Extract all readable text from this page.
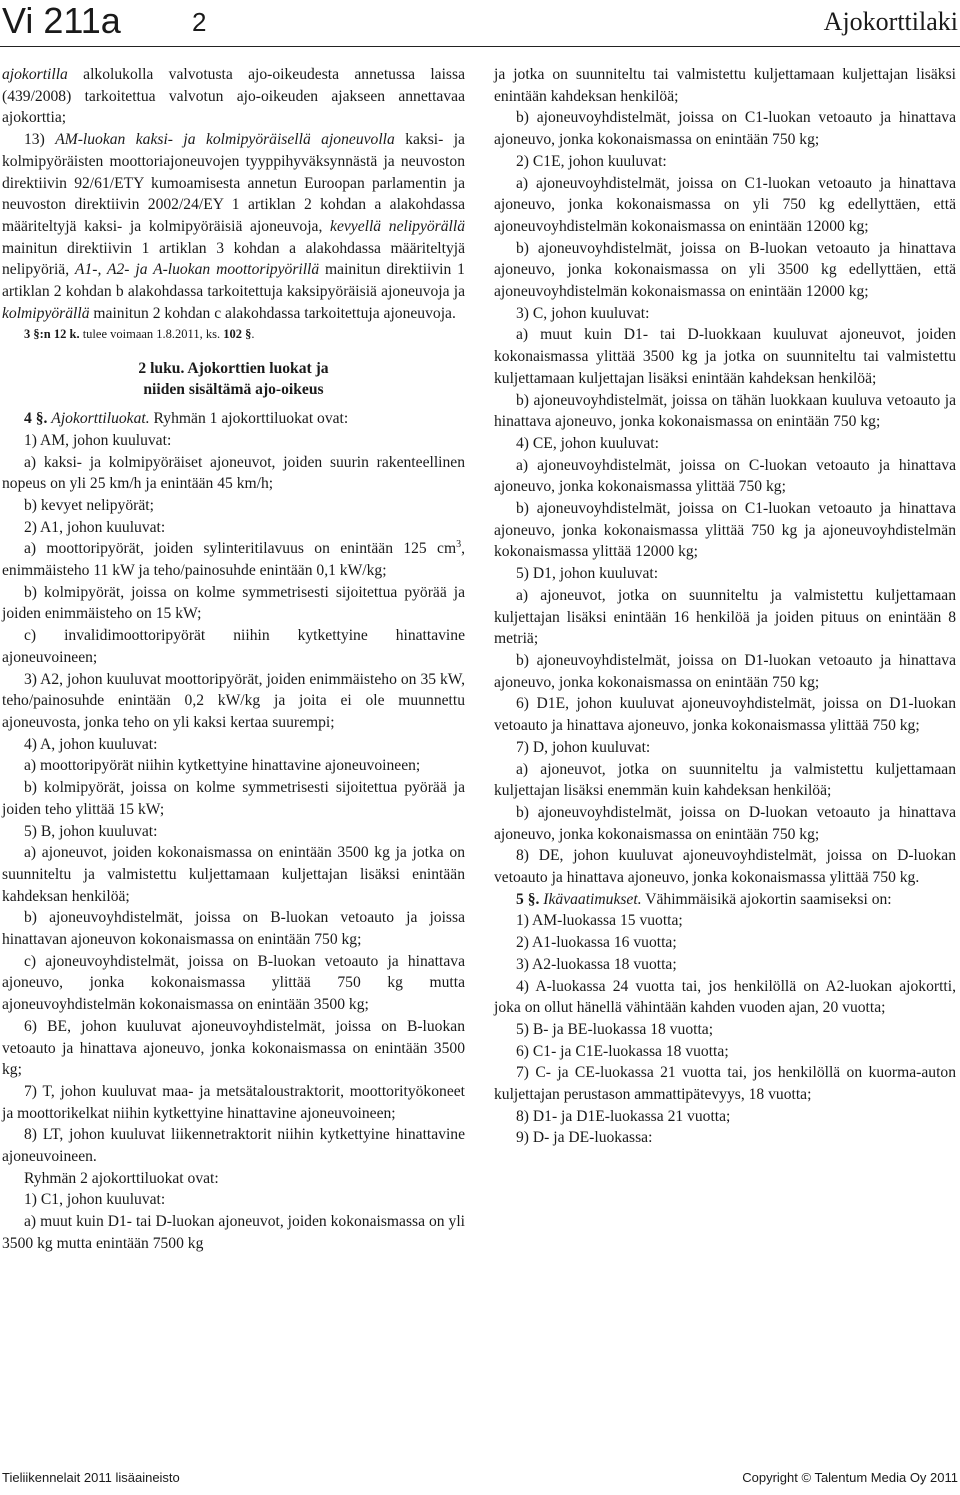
Vi 211a	2	Ajokorttilaki

ajokortilla alkolukolla valvotusta ajo-oikeudesta annetussa laissa (439/2008) tarkoitettua valvotun ajo-oikeuden ajakseen annettavaa ajokorttia;

13) AM-luokan kaksi- ja kolmipyöräisellä ajoneuvolla kaksi- ja kolmipyöräisten moottoriajoneuvojen tyyppihyväksynnästä ja neuvoston direktiivin 92/61/ETY kumoamisesta annetun Euroopan parlamentin ja neuvoston direktiivin 2002/24/EY 1 artiklan 2 kohdan a alakohdassa määriteltyjä kaksi- ja kolmipyöräisiä ajoneuvoja, kevyellä nelipyörällä mainitun direktiivin 1 artiklan 3 kohdan a alakohdassa määriteltyjä nelipyöriä, A1-, A2- ja A-luokan moottoripyörillä mainitun direktiivin 1 artiklan 2 kohdan b alakohdassa tarkoitettuja kaksipyöräisiä ajoneuvoja ja kolmipyörällä mainitun 2 kohdan c alakohdassa tarkoitettuja ajoneuvoja.

3 §:n 12 k. tulee voimaan 1.8.2011, ks. 102 §.

2 luku. Ajokorttien luokat ja
niiden sisältämä ajo-oikeus

4 §. Ajokorttiluokat. Ryhmän 1 ajokorttiluokat ovat:

1) AM, johon kuuluvat:

a) kaksi- ja kolmipyöräiset ajoneuvot, joiden suurin rakenteellinen nopeus on yli 25 km/h ja enintään 45 km/h;

b) kevyet nelipyörät;

2) A1, johon kuuluvat:

a) moottoripyörät, joiden sylinteritilavuus on enintään 125 $cm^3$, enimmäisteho 11 kW ja teho/painosuhde enintään 0,1 kW/kg;

b) kolmipyörät, joissa on kolme symmetrisesti sijoitettua pyörää ja joiden enimmäisteho on 15 kW;

c) invalidimoottoripyörät niihin kytkettyine hinattavine ajoneuvoineen;

3) A2, johon kuuluvat moottoripyörät, joiden enimmäisteho on 35 kW, teho/painosuhde enintään 0,2 kW/kg ja joita ei ole muunnettu ajoneuvosta, jonka teho on yli kaksi kertaa suurempi;

4) A, johon kuuluvat:

a) moottoripyörät niihin kytkettyine hinattavine ajoneuvoineen;

b) kolmipyörät, joissa on kolme symmetrisesti sijoitettua pyörää ja joiden teho ylittää 15 kW;

5) B, johon kuuluvat:

a) ajoneuvot, joiden kokonaismassa on enintään 3500 kg ja jotka on suunniteltu ja valmistettu kuljettamaan kuljettajan lisäksi enintään kahdeksan henkilöä;

b) ajoneuvoyhdistelmät, joissa on B-luokan vetoauto ja joissa hinattavan ajoneuvon kokonaismassa on enintään 750 kg;

c) ajoneuvoyhdistelmät, joissa on B-luokan vetoauto ja hinattava ajoneuvo, jonka kokonaismassa ylittää 750 kg mutta ajoneuvoyhdistelmän kokonaismassa on enintään 3500 kg;

6) BE, johon kuuluvat ajoneuvoyhdistelmät, joissa on B-luokan vetoauto ja hinattava ajoneuvo, jonka kokonaismassa on enintään 3500 kg;

7) T, johon kuuluvat maa- ja metsätaloustraktorit, moottorityökoneet ja moottorikelkat niihin kytkettyine hinattavine ajoneuvoineen;

8) LT, johon kuuluvat liikennetraktorit niihin kytkettyine hinattavine ajoneuvoineen.

Ryhmän 2 ajokorttiluokat ovat:

1) C1, johon kuuluvat:

a) muut kuin D1- tai D-luokan ajoneuvot, joiden kokonaismassa on yli 3500 kg mutta enintään 7500 kg

ja jotka on suunniteltu tai valmistettu kuljettamaan kuljettajan lisäksi enintään kahdeksan henkilöä;

b) ajoneuvoyhdistelmät, joissa on C1-luokan vetoauto ja hinattava ajoneuvo, jonka kokonaismassa on enintään 750 kg;

2) C1E, johon kuuluvat:

a) ajoneuvoyhdistelmät, joissa on C1-luokan vetoauto ja hinattava ajoneuvo, jonka kokonaismassa on yli 750 kg edellyttäen, että ajoneuvoyhdistelmän kokonaismassa on enintään 12000 kg;

b) ajoneuvoyhdistelmät, joissa on B-luokan vetoauto ja hinattava ajoneuvo, jonka kokonaismassa on yli 3500 kg edellyttäen, että ajoneuvoyhdistelmän kokonaismassa on enintään 12000 kg;

3) C, johon kuuluvat:

a) muut kuin D1- tai D-luokkaan kuuluvat ajoneuvot, joiden kokonaismassa ylittää 3500 kg ja jotka on suunniteltu tai valmistettu kuljettamaan kuljettajan lisäksi enintään kahdeksan henkilöä;

b) ajoneuvoyhdistelmät, joissa on tähän luokkaan kuuluva vetoauto ja hinattava ajoneuvo, jonka kokonaismassa on enintään 750 kg;

4) CE, johon kuuluvat:

a) ajoneuvoyhdistelmät, joissa on C-luokan vetoauto ja hinattava ajoneuvo, jonka kokonaismassa ylittää 750 kg;

b) ajoneuvoyhdistelmät, joissa on C1-luokan vetoauto ja hinattava ajoneuvo, jonka kokonaismassa ylittää 750 kg ja ajoneuvoyhdistelmän kokonaismassa ylittää 12000 kg;

5) D1, johon kuuluvat:

a) ajoneuvot, jotka on suunniteltu ja valmistettu kuljettamaan kuljettajan lisäksi enintään 16 henkilöä ja joiden pituus on enintään 8 metriä;

b) ajoneuvoyhdistelmät, joissa on D1-luokan vetoauto ja hinattava ajoneuvo, jonka kokonaismassa on enintään 750 kg;

6) D1E, johon kuuluvat ajoneuvoyhdistelmät, joissa on D1-luokan vetoauto ja hinattava ajoneuvo, jonka kokonaismassa ylittää 750 kg;

7) D, johon kuuluvat:

a) ajoneuvot, jotka on suunniteltu ja valmistettu kuljettamaan kuljettajan lisäksi enemmän kuin kahdeksan henkilöä;

b) ajoneuvoyhdistelmät, joissa on D-luokan vetoauto ja hinattava ajoneuvo, jonka kokonaismassa on enintään 750 kg;

8) DE, johon kuuluvat ajoneuvoyhdistelmät, joissa on D-luokan vetoauto ja hinattava ajoneuvo, jonka kokonaismassa ylittää 750 kg.

5 §. Ikävaatimukset. Vähimmäisikä ajokortin saamiseksi on:

1) AM-luokassa 15 vuotta;

2) A1-luokassa 16 vuotta;

3) A2-luokassa 18 vuotta;

4) A-luokassa 24 vuotta tai, jos henkilöllä on A2-luokan ajokortti, joka on ollut hänellä vähintään kahden vuoden ajan, 20 vuotta;

5) B- ja BE-luokassa 18 vuotta;

6) C1- ja C1E-luokassa 18 vuotta;

7) C- ja CE-luokassa 21 vuotta tai, jos henkilöllä on kuorma-auton kuljettajan perustason ammattipätevyys, 18 vuotta;

8) D1- ja D1E-luokassa 21 vuotta;

9) D- ja DE-luokassa:

Tieliikennelait 2011 lisäaineisto	Copyright © Talentum Media Oy 2011
